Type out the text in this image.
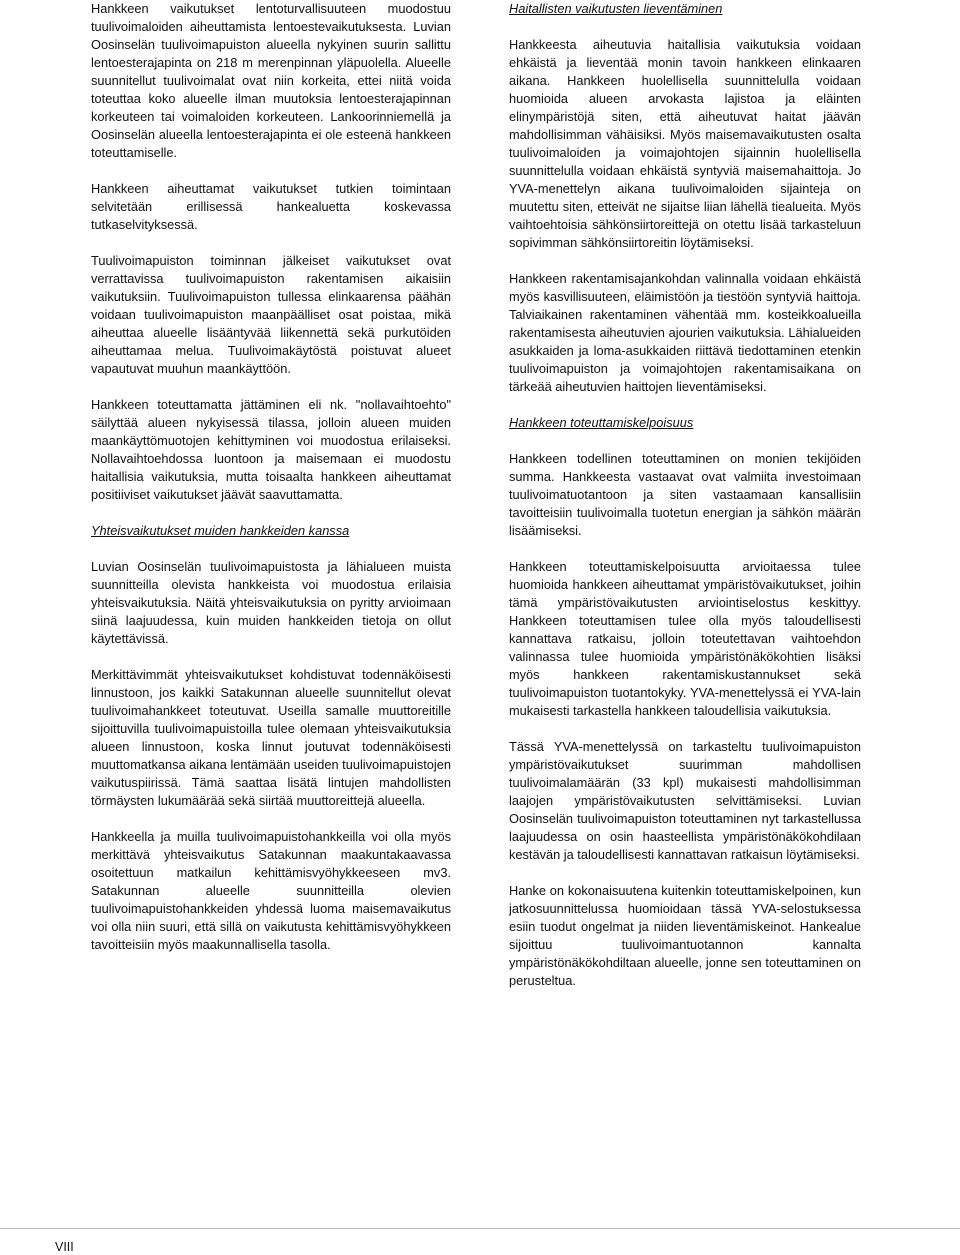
Hankkeen vaikutukset lentoturvallisuuteen muodostuu tuulivoimaloiden aiheuttamista lentoestevaikutuksesta. Luvian Oosinselän tuulivoimapuiston alueella nykyinen suurin sallittu lentoesterajapinta on 218 m merenpinnan yläpuolella. Alueelle suunnitellut tuulivoimalat ovat niin korkeita, ettei niitä voida toteuttaa koko alueelle ilman muutoksia lentoesterajapinnan korkeuteen tai voimaloiden korkeuteen. Lankoorinniemellä ja Oosinselän alueella lentoesterajapinta ei ole esteenä hankkeen toteuttamiselle.

Hankkeen aiheuttamat vaikutukset tutkien toimintaan selvitetään erillisessä hankealuetta koskevassa tutkaselvityksessä.

Tuulivoimapuiston toiminnan jälkeiset vaikutukset ovat verrattavissa tuulivoimapuiston rakentamisen aikaisiin vaikutuksiin. Tuulivoimapuiston tullessa elinkaarensa päähän voidaan tuulivoimapuiston maanpäälliset osat poistaa, mikä aiheuttaa alueelle lisääntyvää liikennettä sekä purkutöiden aiheuttamaa melua. Tuulivoimakäytöstä poistuvat alueet vapautuvat muuhun maankäyttöön.

Hankkeen toteuttamatta jättäminen eli nk. "nollavaihtoehto" säilyttää alueen nykyisessä tilassa, jolloin alueen muiden maankäyttömuotojen kehittyminen voi muodostua erilaiseksi. Nollavaihtoehdossa luontoon ja maisemaan ei muodostu haitallisia vaikutuksia, mutta toisaalta hankkeen aiheuttamat positiiviset vaikutukset jäävät saavuttamatta.

Yhteisvaikutukset muiden hankkeiden kanssa

Luvian Oosinselän tuulivoimapuistosta ja lähialueen muista suunnitteilla olevista hankkeista voi muodostua erilaisia yhteisvaikutuksia. Näitä yhteisvaikutuksia on pyritty arvioimaan siinä laajuudessa, kuin muiden hankkeiden tietoja on ollut käytettävissä.

Merkittävimmät yhteisvaikutukset kohdistuvat todennäköisesti linnustoon, jos kaikki Satakunnan alueelle suunnitellut olevat tuulivoimahankkeet toteutuvat. Useilla samalle muuttoreitille sijoittuvilla tuulivoimapuistoilla tulee olemaan yhteisvaikutuksia alueen linnustoon, koska linnut joutuvat todennäköisesti muuttomatkansa aikana lentämään useiden tuulivoimapuistojen vaikutuspiirissä. Tämä saattaa lisätä lintujen mahdollisten törmäysten lukumäärää sekä siirtää muuttoreittejä alueella.

Hankkeella ja muilla tuulivoimapuistohankkeilla voi olla myös merkittävä yhteisvaikutus Satakunnan maakuntakaavassa osoitettuun matkailun kehittämisvyöhykkeeseen mv3. Satakunnan alueelle suunnitteilla olevien tuulivoimapuistohankkeiden yhdessä luoma maisemavaikutus voi olla niin suuri, että sillä on vaikutusta kehittämisvyöhykkeen tavoitteisiin myös maakunnallisella tasolla.

Haitallisten vaikutusten lieventäminen

Hankkeesta aiheutuvia haitallisia vaikutuksia voidaan ehkäistä ja lieventää monin tavoin hankkeen elinkaaren aikana. Hankkeen huolellisella suunnittelulla voidaan huomioida alueen arvokasta lajistoa ja eläinten elinympäristöjä siten, että aiheutuvat haitat jäävän mahdollisimman vähäisiksi. Myös maisemavaikutusten osalta tuulivoimaloiden ja voimajohtojen sijainnin huolellisella suunnittelulla voidaan ehkäistä syntyviä maisemahaittoja. Jo YVA-menettelyn aikana tuulivoimaloiden sijainteja on muutettu siten, etteivät ne sijaitse liian lähellä tiealueita. Myös vaihtoehtoisia sähkönsiirtoreittejä on otettu lisää tarkasteluun sopivimman sähkönsiirtoreitin löytämiseksi.

Hankkeen rakentamisajankohdan valinnalla voidaan ehkäistä myös kasvillisuuteen, eläimistöön ja tiestöön syntyviä haittoja. Talviaikainen rakentaminen vähentää mm. kosteikkoalueilla rakentamisesta aiheutuvien ajourien vaikutuksia. Lähialueiden asukkaiden ja loma-asukkaiden riittävä tiedottaminen etenkin tuulivoimapuiston ja voimajohtojen rakentamisaikana on tärkeää aiheutuvien haittojen lieventämiseksi.

Hankkeen toteuttamiskelpoisuus

Hankkeen todellinen toteuttaminen on monien tekijöiden summa. Hankkeesta vastaavat ovat valmiita investoimaan tuulivoimatuotantoon ja siten vastaamaan kansallisiin tavoitteisiin tuulivoimalla tuotetun energian ja sähkön määrän lisäämiseksi.

Hankkeen toteuttamiskelpoisuutta arvioitaessa tulee huomioida hankkeen aiheuttamat ympäristövaikutukset, joihin tämä ympäristövaikutusten arviointiselostus keskittyy. Hankkeen toteuttamisen tulee olla myös taloudellisesti kannattava ratkaisu, jolloin toteutettavan vaihtoehdon valinnassa tulee huomioida ympäristönäkökohtien lisäksi myös hankkeen rakentamiskustannukset sekä tuulivoimapuiston tuotantokyky. YVA-menettelyssä ei YVA-lain mukaisesti tarkastella hankkeen taloudellisia vaikutuksia.

Tässä YVA-menettelyssä on tarkasteltu tuulivoimapuiston ympäristövaikutukset suurimman mahdollisen tuulivoimalamäärän (33 kpl) mukaisesti mahdollisimman laajojen ympäristövaikutusten selvittämiseksi. Luvian Oosinselän tuulivoimapuiston toteuttaminen nyt tarkastellussa laajuudessa on osin haasteellista ympäristönäkökohdilaan kestävän ja taloudellisesti kannattavan ratkaisun löytämiseksi.

Hanke on kokonaisuutena kuitenkin toteuttamiskelpoinen, kun jatkosuunnittelussa huomioidaan tässä YVA-selostuksessa esiin tuodut ongelmat ja niiden lieventämiskeinot. Hankealue sijoittuu tuulivoimantuotannon kannalta ympäristönäkökohdiltaan alueelle, jonne sen toteuttaminen on perusteltua.

VIII
